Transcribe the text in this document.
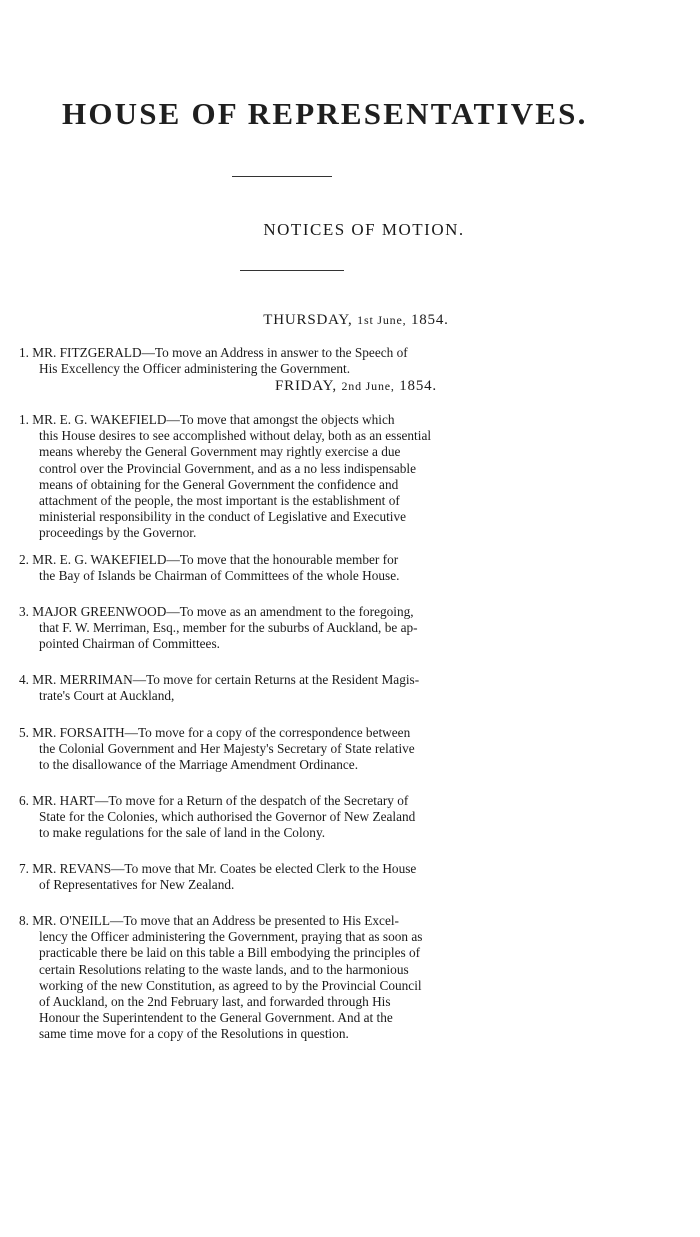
HOUSE OF REPRESENTATIVES.
NOTICES OF MOTION.
THURSDAY, 1st June, 1854.
1. MR. FITZGERALD—To move an Address in answer to the Speech of
His Excellency the Officer administering the Government.
FRIDAY, 2nd June, 1854.
1. MR. E. G. WAKEFIELD—To move that amongst the objects which
this House desires to see accomplished without delay, both as an essential
means whereby the General Government may rightly exercise a due
control over the Provincial Government, and as a no less indispensable
means of obtaining for the General Government the confidence and
attachment of the people, the most important is the establishment of
ministerial responsibility in the conduct of Legislative and Executive
proceedings by the Governor.
2. MR. E. G. WAKEFIELD—To move that the honourable member for
the Bay of Islands be Chairman of Committees of the whole House.
3. MAJOR GREENWOOD—To move as an amendment to the foregoing,
that F. W. Merriman, Esq., member for the suburbs of Auckland, be ap-
pointed Chairman of Committees.
4. MR. MERRIMAN—To move for certain Returns at the Resident Magis-
trate's Court at Auckland,
5. MR. FORSAITH—To move for a copy of the correspondence between
the Colonial Government and Her Majesty's Secretary of State relative
to the disallowance of the Marriage Amendment Ordinance.
6. MR. HART—To move for a Return of the despatch of the Secretary of
State for the Colonies, which authorised the Governor of New Zealand
to make regulations for the sale of land in the Colony.
7. MR. REVANS—To move that Mr. Coates be elected Clerk to the House
of Representatives for New Zealand.
8. MR. O'NEILL—To move that an Address be presented to His Excel-
lency the Officer administering the Government, praying that as soon as
practicable there be laid on this table a Bill embodying the principles of
certain Resolutions relating to the waste lands, and to the harmonious
working of the new Constitution, as agreed to by the Provincial Council
of Auckland, on the 2nd February last, and forwarded through His
Honour the Superintendent to the General Government. And at the
same time move for a copy of the Resolutions in question.
